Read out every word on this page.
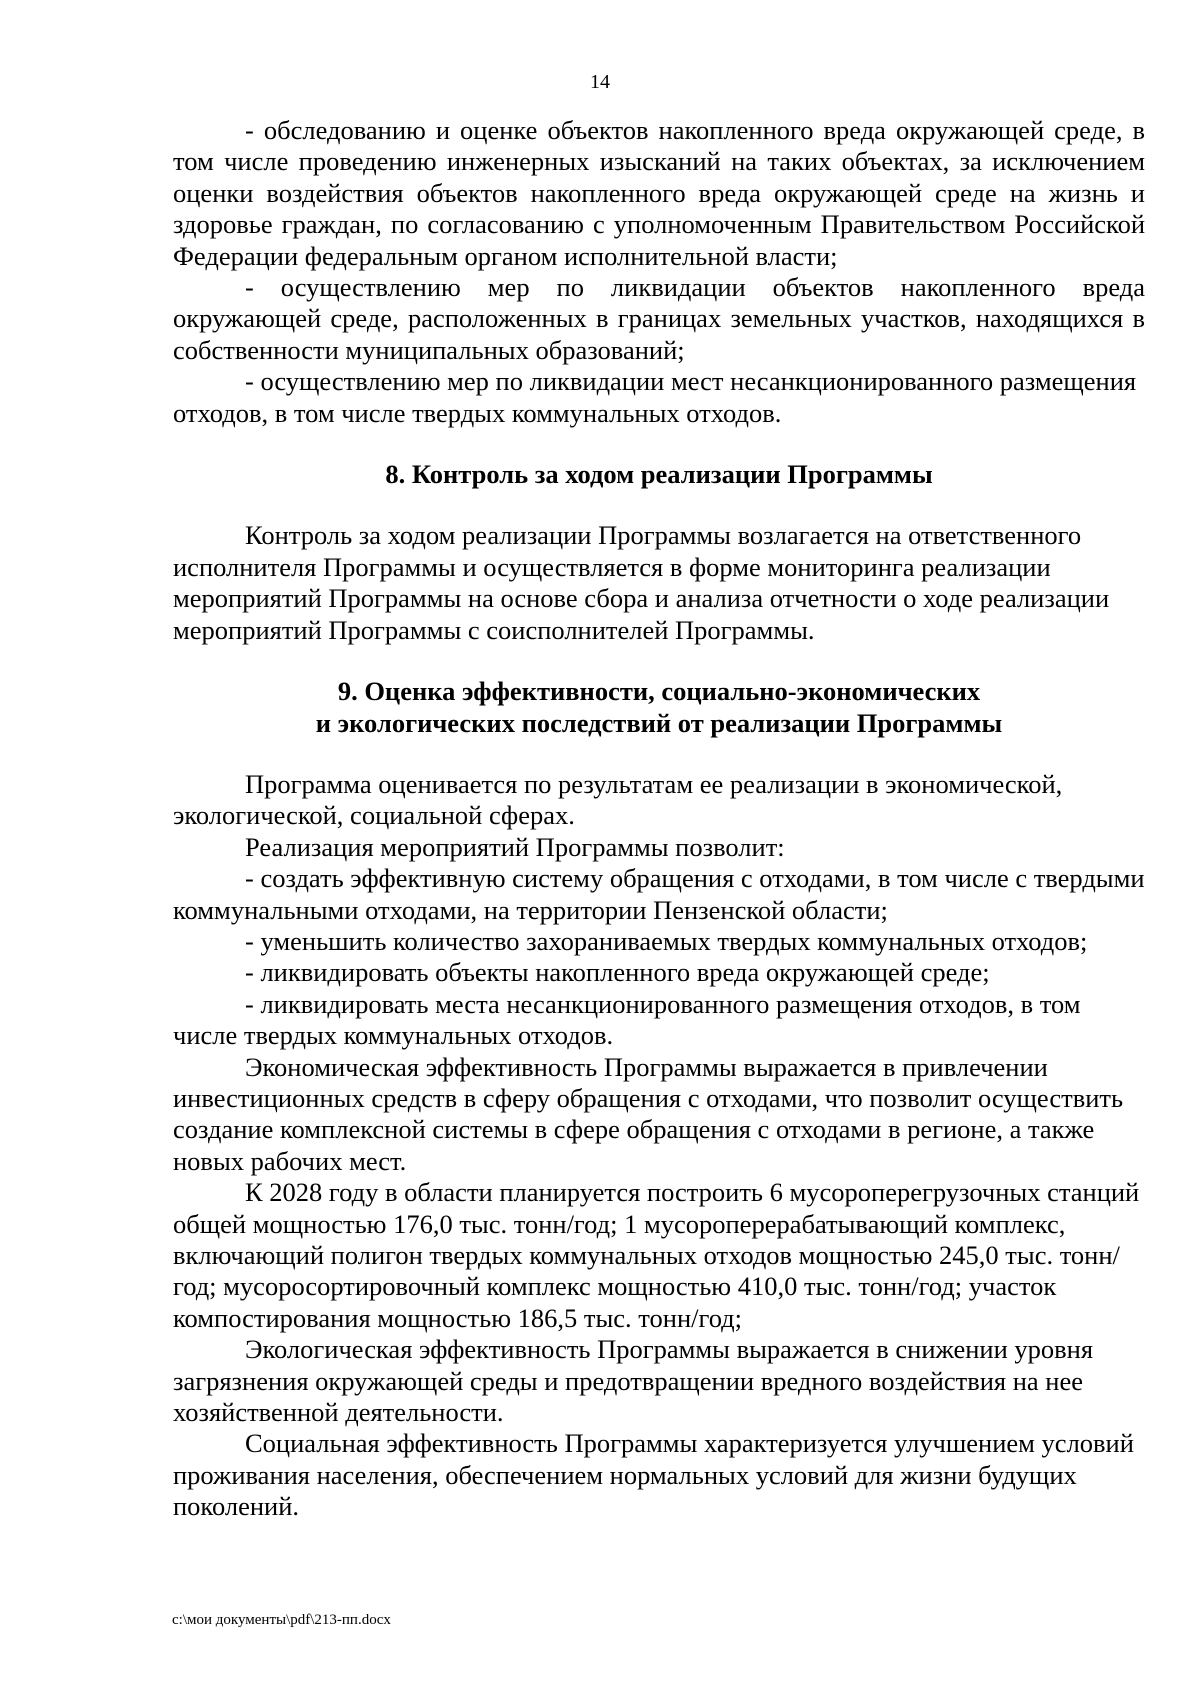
14

- обследованию и оценке объектов накопленного вреда окружающей среде, в том числе проведению инженерных изысканий на таких объектах, за исключением оценки воздействия объектов накопленного вреда окружающей среде на жизнь и здоровье граждан, по согласованию с уполномоченным Правительством Российской Федерации федеральным органом исполнительной власти;

- осуществлению мер по ликвидации объектов накопленного вреда окружающей среде, расположенных в границах земельных участков, находящихся в собственности муниципальных образований;

- осуществлению мер по ликвидации мест несанкционированного размещения отходов, в том числе твердых коммунальных отходов.

8. Контроль за ходом реализации Программы

Контроль за ходом реализации Программы возлагается на ответственного исполнителя Программы и осуществляется в форме мониторинга реализации мероприятий Программы на основе сбора и анализа отчетности о ходе реализации мероприятий Программы с соисполнителей Программы.

9. Оценка эффективности, социально-экономических
и экологических последствий от реализации Программы

Программа оценивается по результатам ее реализации в экономической, экологической, социальной сферах.

Реализация мероприятий Программы позволит:

- создать эффективную систему обращения с отходами, в том числе с твердыми коммунальными отходами, на территории Пензенской области;

- уменьшить количество захораниваемых твердых коммунальных отходов;

- ликвидировать объекты накопленного вреда окружающей среде;

- ликвидировать места несанкционированного размещения отходов, в том числе твердых коммунальных отходов.

Экономическая эффективность Программы выражается в привлечении инвестиционных средств в сферу обращения с отходами, что позволит осуществить создание комплексной системы в сфере обращения с отходами в регионе, а также новых рабочих мест.

К 2028 году в области планируется построить 6 мусороперегрузочных станций общей мощностью 176,0 тыс. тонн/год; 1 мусороперерабатывающий комплекс, включающий полигон твердых коммунальных отходов мощностью 245,0 тыс. тонн/год; мусоросортировочный комплекс мощностью 410,0 тыс. тонн/год; участок компостирования мощностью 186,5 тыс. тонн/год;

Экологическая эффективность Программы выражается в снижении уровня загрязнения окружающей среды и предотвращении вредного воздействия на нее хозяйственной деятельности.

Социальная эффективность Программы характеризуется улучшением условий проживания населения, обеспечением нормальных условий для жизни будущих поколений.

c:\мои документы\pdf\213-пп.docx
